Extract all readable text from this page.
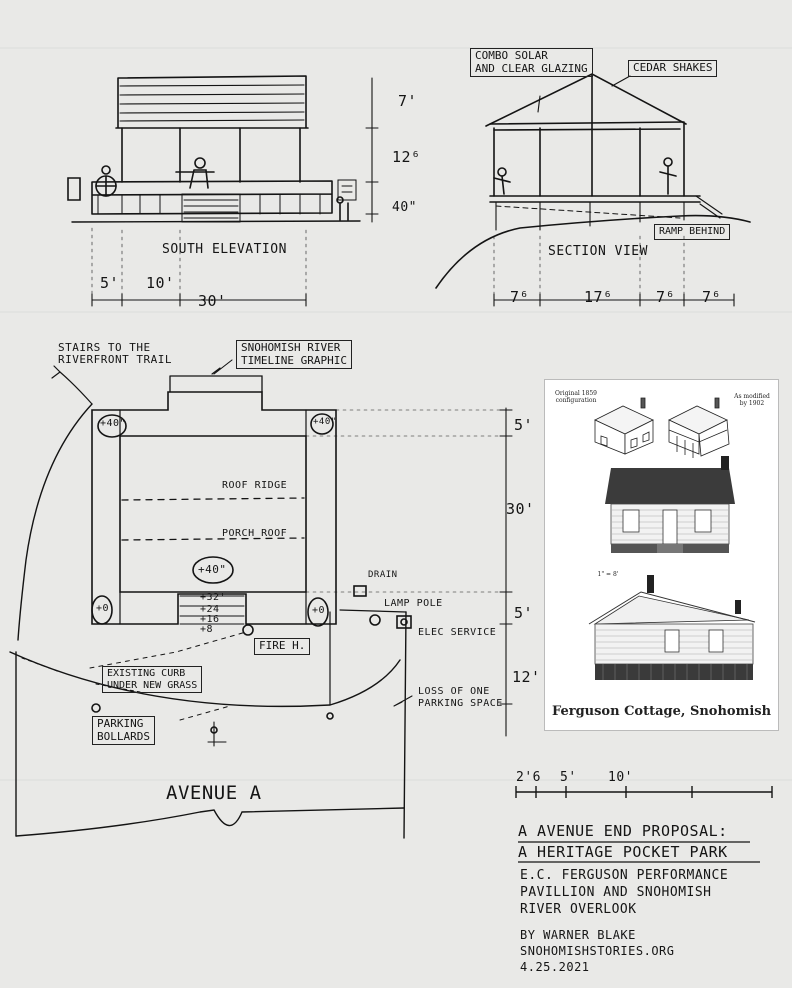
7'
12⁶
40"
SOUTH ELEVATION
5' 10'
30'
COMBO SOLAR
AND CLEAR GLAZING	CEDAR SHAKES
RAMP BEHIND
SECTION VIEW
7⁶	17⁶	7⁶ 7⁶
STAIRS TO THE
RIVERFRONT TRAIL
SNOHOMISH RIVER
TIMELINE GRAPHIC
+40"	+40"
ROOF RIDGE
PORCH ROOF
+40"
+0	+0
+32'
+24
+16
+8
DRAIN
LAMP POLE
ELEC SERVICE
FIRE H.
EXISTING CURB
UNDER NEW GRASS
PARKING
BOLLARDS
LOSS OF ONE
PARKING SPACE
AVENUE A
5'
30'
5'
12'
2'6 5' 10'
A AVENUE END PROPOSAL:
A HERITAGE POCKET PARK
E.C. FERGUSON PERFORMANCE
PAVILLION AND SNOHOMISH
RIVER OVERLOOK
BY WARNER BLAKE
SNOHOMISHSTORIES.ORG
4.25.2021
Original 1859
configuration
As modified
by 1902
1" = 8'
Ferguson Cottage, Snohomish
